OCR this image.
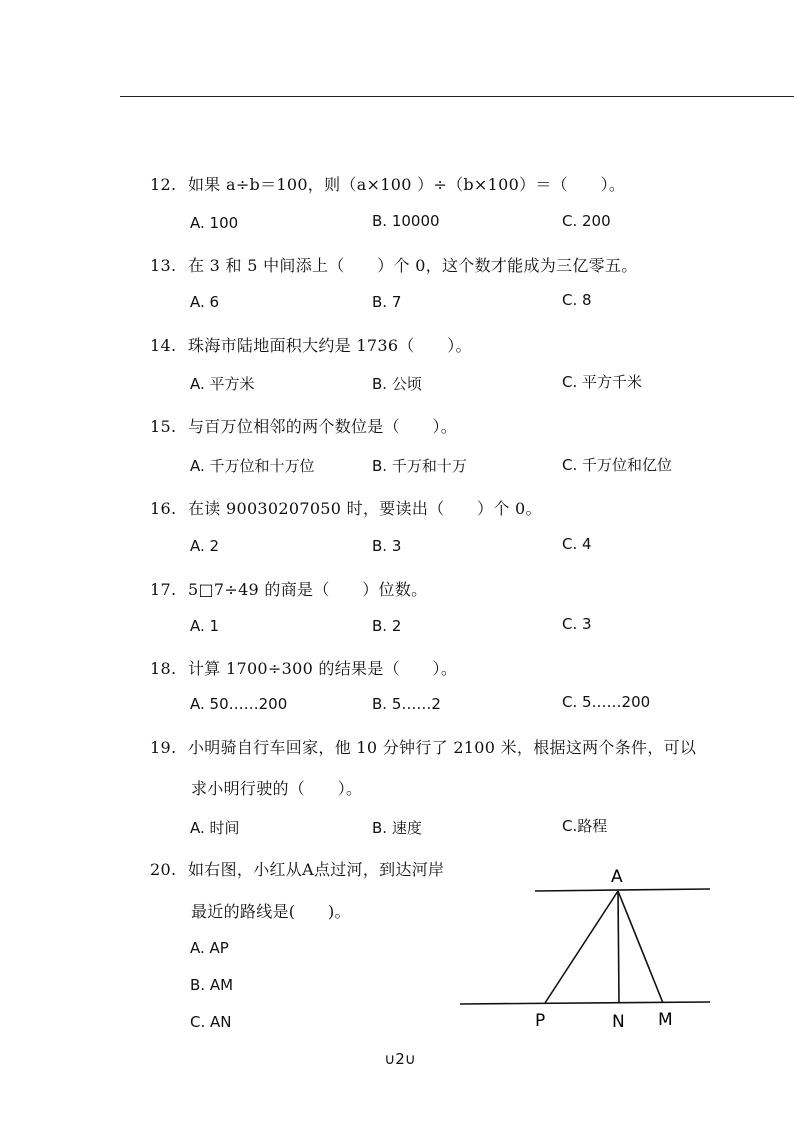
12. 如果 a÷b＝100，则（a×100 ）÷（b×100）＝（　　）。
A. 100	B. 10000	C. 200
13. 在 3 和 5 中间添上（　　）个 0，这个数才能成为三亿零五。
A. 6	B. 7	C. 8
14. 珠海市陆地面积大约是 1736（　　）。
A. 平方米	B. 公顷	C. 平方千米
15. 与百万位相邻的两个数位是（　　）。
A. 千万位和十万位	B. 千万和十万	C. 千万位和亿位
16. 在读 90030207050 时，要读出（　　）个 0。
A. 2	B. 3	C. 4
17. 5□7÷49 的商是（　　）位数。
A. 1	B. 2	C. 3
18. 计算 1700÷300 的结果是（　　）。
A. 50……200	B. 5……2	C. 5……200
19. 小明骑自行车回家，他 10 分钟行了 2100 米，根据这两个条件，可以
求小明行驶的（　　）。
A. 时间	B. 速度	C.路程
20. 如右图，小红从A点过河，到达河岸
最近的路线是(　　)。
A. AP
B. AM
C. AN
A
P	N M
∪2∪
